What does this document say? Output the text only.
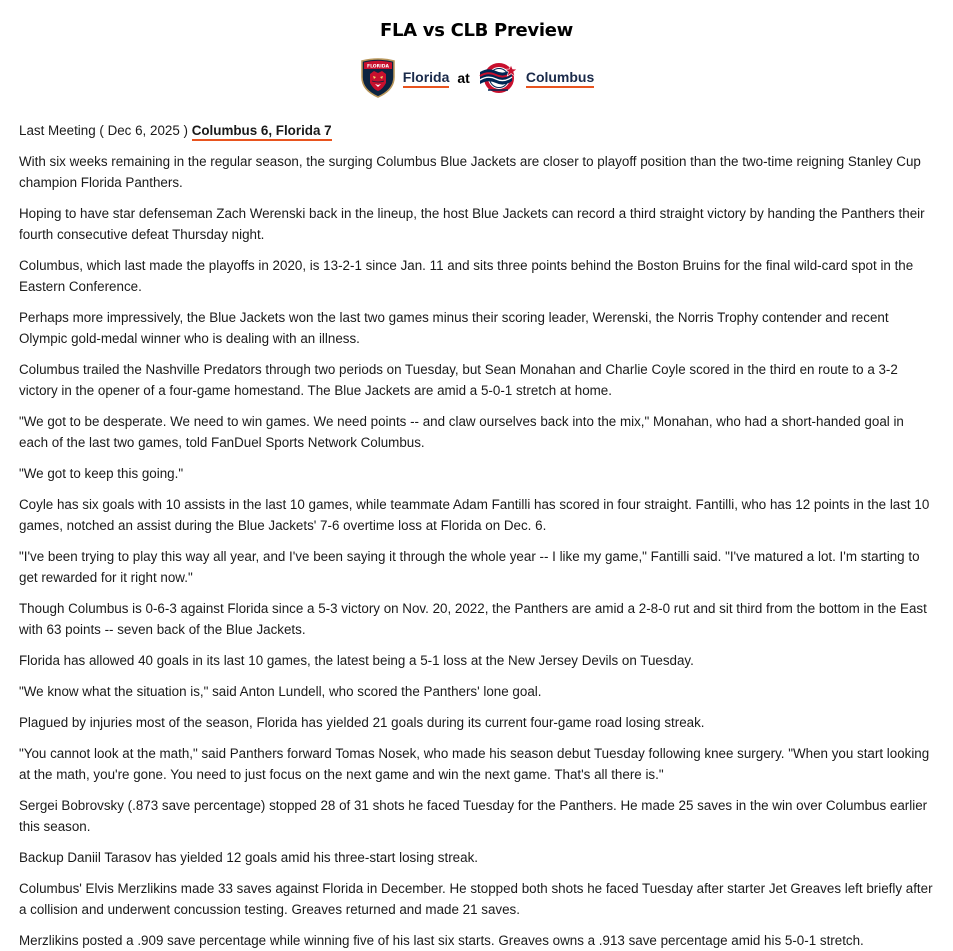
FLA vs CLB Preview
FLORIDA
Florida at	Columbus
Last Meeting ( Dec 6, 2025 ) Columbus 6, Florida 7

With six weeks remaining in the regular season, the surging Columbus Blue Jackets are closer to playoff position than the two-time reigning Stanley Cup champion Florida Panthers.

Hoping to have star defenseman Zach Werenski back in the lineup, the host Blue Jackets can record a third straight victory by handing the Panthers their fourth consecutive defeat Thursday night.

Columbus, which last made the playoffs in 2020, is 13-2-1 since Jan. 11 and sits three points behind the Boston Bruins for the final wild-card spot in the Eastern Conference.

Perhaps more impressively, the Blue Jackets won the last two games minus their scoring leader, Werenski, the Norris Trophy contender and recent Olympic gold-medal winner who is dealing with an illness.

Columbus trailed the Nashville Predators through two periods on Tuesday, but Sean Monahan and Charlie Coyle scored in the third en route to a 3-2 victory in the opener of a four-game homestand. The Blue Jackets are amid a 5-0-1 stretch at home.

"We got to be desperate. We need to win games. We need points -- and claw ourselves back into the mix," Monahan, who had a short-handed goal in each of the last two games, told FanDuel Sports Network Columbus.

"We got to keep this going."

Coyle has six goals with 10 assists in the last 10 games, while teammate Adam Fantilli has scored in four straight. Fantilli, who has 12 points in the last 10 games, notched an assist during the Blue Jackets' 7-6 overtime loss at Florida on Dec. 6.

"I've been trying to play this way all year, and I've been saying it through the whole year -- I like my game," Fantilli said. "I've matured a lot. I'm starting to get rewarded for it right now."

Though Columbus is 0-6-3 against Florida since a 5-3 victory on Nov. 20, 2022, the Panthers are amid a 2-8-0 rut and sit third from the bottom in the East with 63 points -- seven back of the Blue Jackets.

Florida has allowed 40 goals in its last 10 games, the latest being a 5-1 loss at the New Jersey Devils on Tuesday.

"We know what the situation is," said Anton Lundell, who scored the Panthers' lone goal.

Plagued by injuries most of the season, Florida has yielded 21 goals during its current four-game road losing streak.

"You cannot look at the math," said Panthers forward Tomas Nosek, who made his season debut Tuesday following knee surgery. "When you start looking at the math, you're gone. You need to just focus on the next game and win the next game. That's all there is."

Sergei Bobrovsky (.873 save percentage) stopped 28 of 31 shots he faced Tuesday for the Panthers. He made 25 saves in the win over Columbus earlier this season.

Backup Daniil Tarasov has yielded 12 goals amid his three-start losing streak.

Columbus' Elvis Merzlikins made 33 saves against Florida in December. He stopped both shots he faced Tuesday after starter Jet Greaves left briefly after a collision and underwent concussion testing. Greaves returned and made 21 saves.

Merzlikins posted a .909 save percentage while winning five of his last six starts. Greaves owns a .913 save percentage amid his 5-0-1 stretch.
